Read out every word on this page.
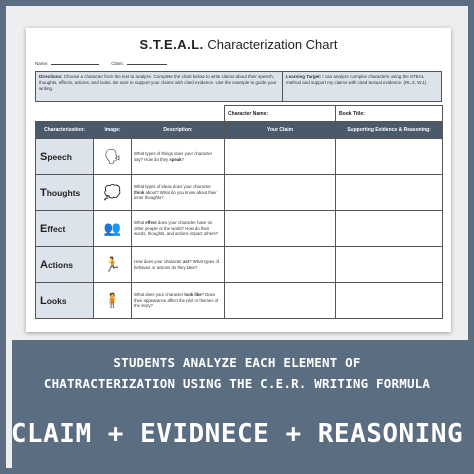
S.T.E.A.L. Characterization Chart
Name:	Class:
Directions: Choose a character from the text to analyze. Complete the chart below to write claims about their speech, thoughts, effects, actions, and looks. Be sure to support your claims with cited evidence. Use the example to guide your writing.
Learning Target: I can analyze complex characters using the STEAL method and support my claims with cited textual evidence. (RL.3, W.1)
			Character Name:	Book Title:
Characterization:	Image:	Description:	Your Claim	Supporting Evidence & Reasoning:
Speech	🗣	What types of things does your character say? How do they speak?		
Thoughts	💭	What types of ideas does your character think about? What do you know about their inner thoughts?		
Effect	👥	What effect does your character have on other people or the world? How do their words, thoughts, and actions impact others?		
Actions	🏃	How does your character act? What types of behavior or actions do they take?		
Looks	🧍	What does your character look like? Does their appearance affect the plot or themes of the story?		
STUDENTS ANALYZE EACH ELEMENT OF
CHATRACTERIZATION USING THE C.E.R. WRITING FORMULA
CLAIM + EVIDNECE + REASONING
